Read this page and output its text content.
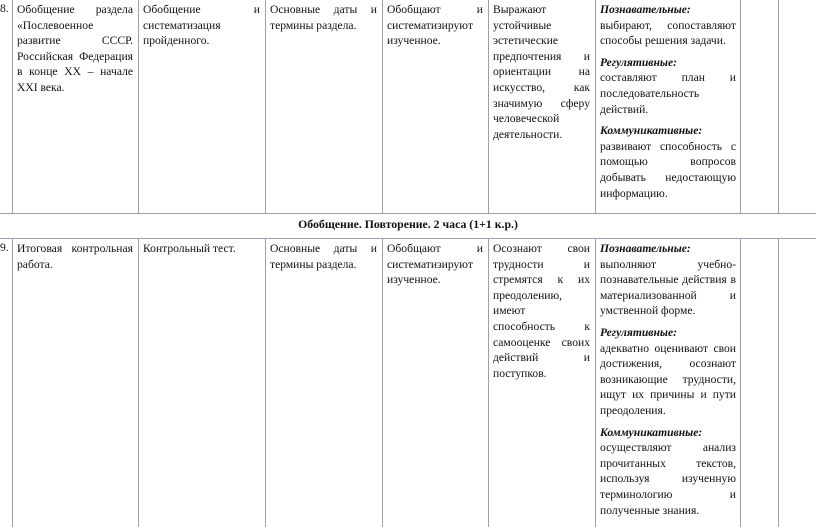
8. Обобщение раздела «Послевоенное развитие СССР. Российская Федерация в конце XX – начале XXI века.
Обобщение и систематизация пройденного.
Основные даты и термины раздела.
Обобщают и систематизируют изученное.
Выражают устойчивые эстетические предпочтения и ориентации на искусство, как значимую сферу человеческой деятельности.

Познавательные:
выбирают, сопоставляют способы решения задачи.

Регулятивные:
составляют план и последовательность действий.

Коммуникативные:
развивают способность с помощью вопросов добывать недостающую информацию.

Обобщение. Повторение. 2 часа (1+1 к.р.)
9. Итоговая контрольная работа.
Контрольный тест.	Основные даты и термины раздела.
Обобщают и систематизируют изученное.
Осознают свои трудности и стремятся к их преодолению, имеют способность к самооценке своих действий и поступков.

Познавательные:
выполняют учебно-познавательные действия в материализованной и умственной форме.

Регулятивные:
адекватно оценивают свои достижения, осознают возникающие трудности, ищут их причины и пути преодоления.

Коммуникативные:
осуществляют анализ прочитанных текстов, используя изученную терминологию и полученные знания.
